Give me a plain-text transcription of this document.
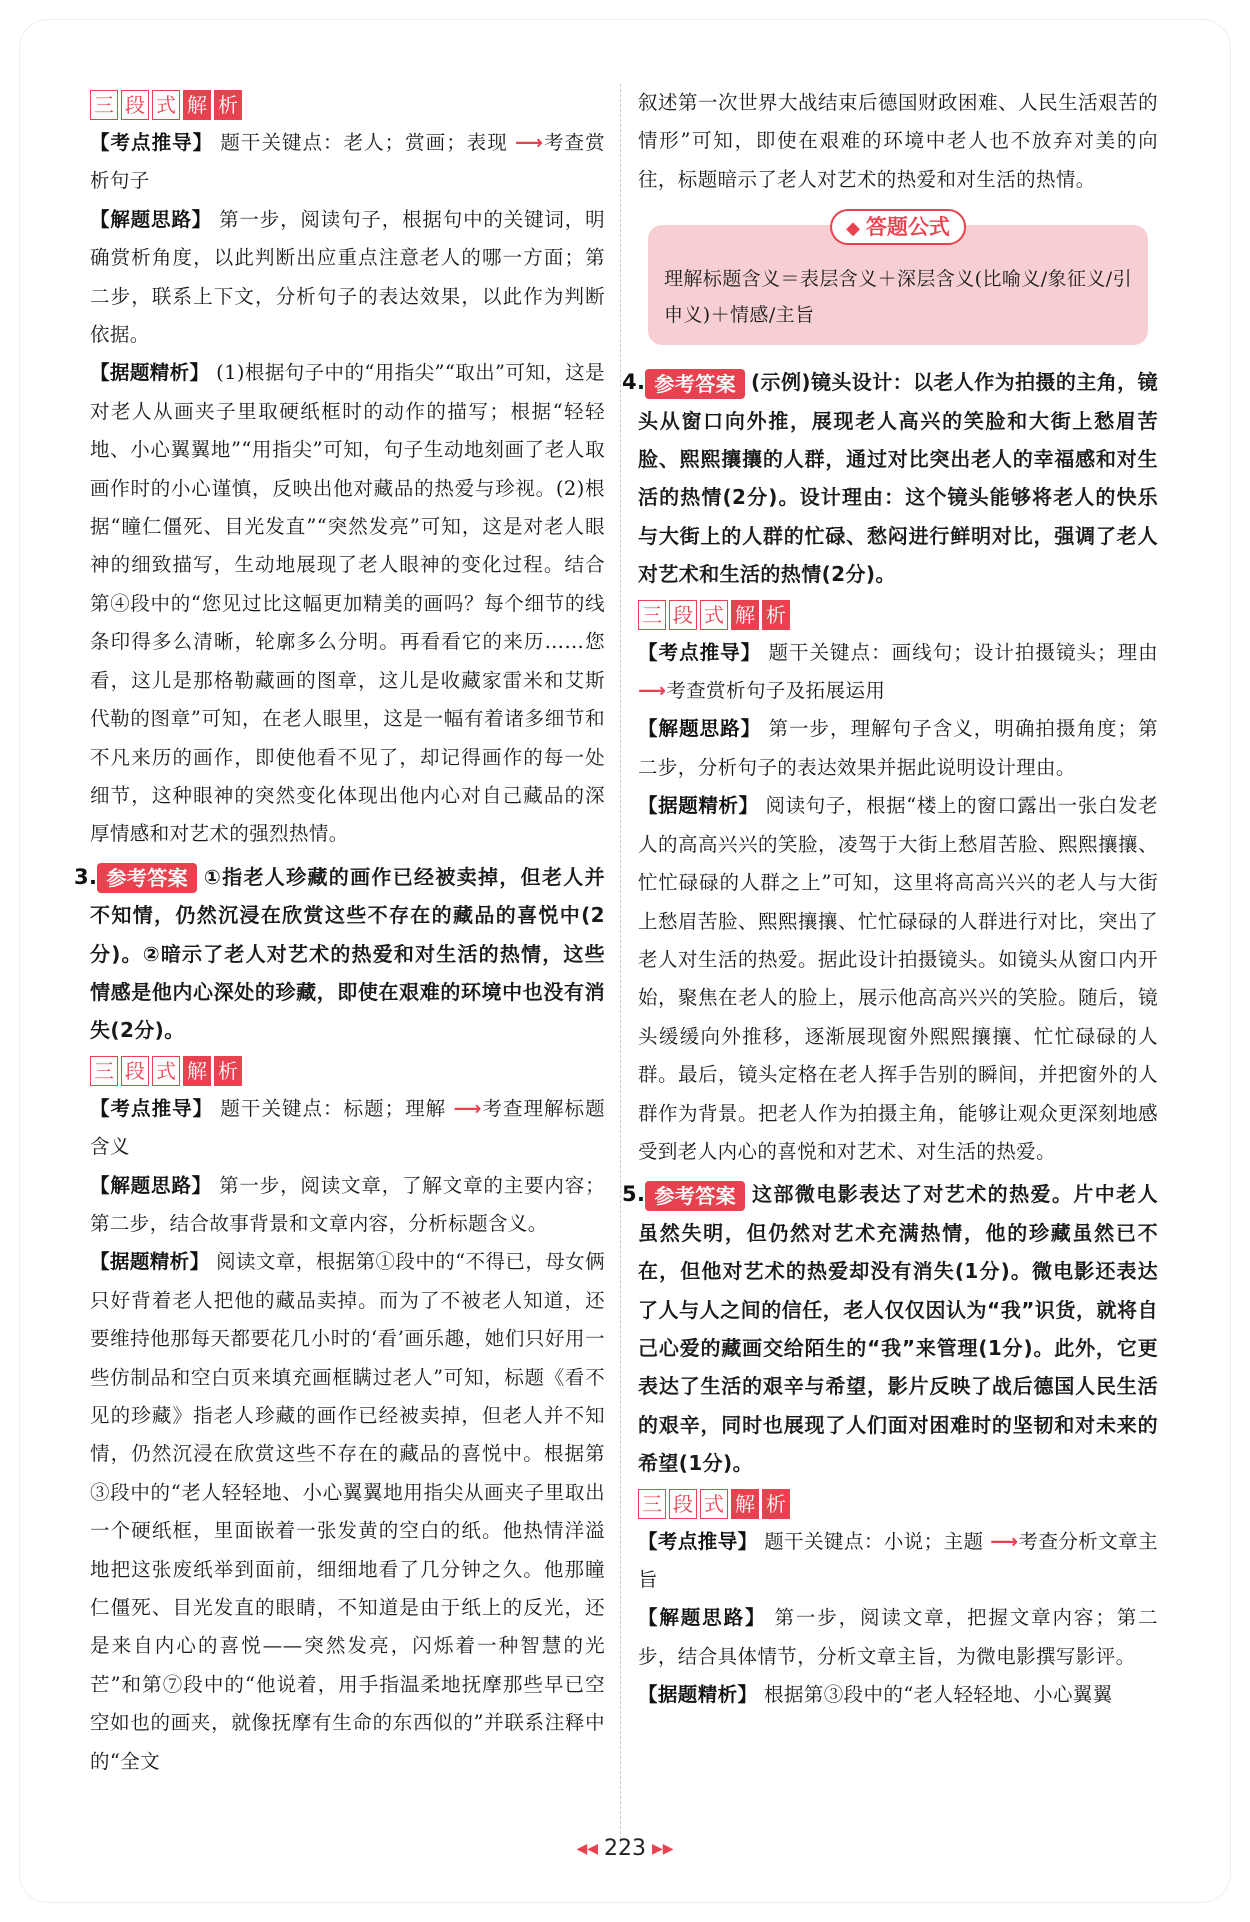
三 段 式 解 析

【考点推导】 题干关键点：老人；赏画；表现 ⟶考查赏析句子

【解题思路】 第一步，阅读句子，根据句中的关键词，明确赏析角度，以此判断出应重点注意老人的哪一方面；第二步，联系上下文，分析句子的表达效果，以此作为判断依据。

【据题精析】 (1)根据句子中的“用指尖”“取出”可知，这是对老人从画夹子里取硬纸框时的动作的描写；根据“轻轻地、小心翼翼地”“用指尖”可知，句子生动地刻画了老人取画作时的小心谨慎，反映出他对藏品的热爱与珍视。(2)根据“瞳仁僵死、目光发直”“突然发亮”可知，这是对老人眼神的细致描写，生动地展现了老人眼神的变化过程。结合第④段中的“您见过比这幅更加精美的画吗？每个细节的线条印得多么清晰，轮廓多么分明。再看看它的来历……您看，这儿是那格勒藏画的图章，这儿是收藏家雷米和艾斯代勒的图章”可知，在老人眼里，这是一幅有着诸多细节和不凡来历的画作，即使他看不见了，却记得画作的每一处细节，这种眼神的突然变化体现出他内心对自己藏品的深厚情感和对艺术的强烈热情。

3. 参考答案 ①指老人珍藏的画作已经被卖掉，但老人并不知情，仍然沉浸在欣赏这些不存在的藏品的喜悦中(2分)。②暗示了老人对艺术的热爱和对生活的热情，这些情感是他内心深处的珍藏，即使在艰难的环境中也没有消失(2分)。

三 段 式 解 析

【考点推导】 题干关键点：标题；理解 ⟶考查理解标题含义

【解题思路】 第一步，阅读文章，了解文章的主要内容；第二步，结合故事背景和文章内容，分析标题含义。

【据题精析】 阅读文章，根据第①段中的“不得已，母女俩只好背着老人把他的藏品卖掉。而为了不被老人知道，还要维持他那每天都要花几小时的‘看’画乐趣，她们只好用一些仿制品和空白页来填充画框瞒过老人”可知，标题《看不见的珍藏》指老人珍藏的画作已经被卖掉，但老人并不知情，仍然沉浸在欣赏这些不存在的藏品的喜悦中。根据第③段中的“老人轻轻地、小心翼翼地用指尖从画夹子里取出一个硬纸框，里面嵌着一张发黄的空白的纸。他热情洋溢地把这张废纸举到面前，细细地看了几分钟之久。他那瞳仁僵死、目光发直的眼睛，不知道是由于纸上的反光，还是来自内心的喜悦——突然发亮，闪烁着一种智慧的光芒”和第⑦段中的“他说着，用手指温柔地抚摩那些早已空空如也的画夹，就像抚摩有生命的东西似的”并联系注释中的“全文

叙述第一次世界大战结束后德国财政困难、人民生活艰苦的情形”可知，即使在艰难的环境中老人也不放弃对美的向往，标题暗示了老人对艺术的热爱和对生活的热情。

◆ 答题公式

理解标题含义＝表层含义＋深层含义(比喻义/象征义/引申义)＋情感/主旨

4. 参考答案 (示例)镜头设计：以老人作为拍摄的主角，镜头从窗口向外推，展现老人高兴的笑脸和大街上愁眉苦脸、熙熙攘攘的人群，通过对比突出老人的幸福感和对生活的热情(2分)。设计理由：这个镜头能够将老人的快乐与大街上的人群的忙碌、愁闷进行鲜明对比，强调了老人对艺术和生活的热情(2分)。

三 段 式 解 析

【考点推导】 题干关键点：画线句；设计拍摄镜头；理由 ⟶考查赏析句子及拓展运用

【解题思路】 第一步，理解句子含义，明确拍摄角度；第二步，分析句子的表达效果并据此说明设计理由。

【据题精析】 阅读句子，根据“楼上的窗口露出一张白发老人的高高兴兴的笑脸，凌驾于大街上愁眉苦脸、熙熙攘攘、忙忙碌碌的人群之上”可知，这里将高高兴兴的老人与大街上愁眉苦脸、熙熙攘攘、忙忙碌碌的人群进行对比，突出了老人对生活的热爱。据此设计拍摄镜头。如镜头从窗口内开始，聚焦在老人的脸上，展示他高高兴兴的笑脸。随后，镜头缓缓向外推移，逐渐展现窗外熙熙攘攘、忙忙碌碌的人群。最后，镜头定格在老人挥手告别的瞬间，并把窗外的人群作为背景。把老人作为拍摄主角，能够让观众更深刻地感受到老人内心的喜悦和对艺术、对生活的热爱。

5. 参考答案 这部微电影表达了对艺术的热爱。片中老人虽然失明，但仍然对艺术充满热情，他的珍藏虽然已不在，但他对艺术的热爱却没有消失(1分)。微电影还表达了人与人之间的信任，老人仅仅因认为“我”识货，就将自己心爱的藏画交给陌生的“我”来管理(1分)。此外，它更表达了生活的艰辛与希望，影片反映了战后德国人民生活的艰辛，同时也展现了人们面对困难时的坚韧和对未来的希望(1分)。

三 段 式 解 析

【考点推导】 题干关键点：小说；主题 ⟶考查分析文章主旨

【解题思路】 第一步，阅读文章，把握文章内容；第二步，结合具体情节，分析文章主旨，为微电影撰写影评。

【据题精析】 根据第③段中的“老人轻轻地、小心翼翼

◀◀ 223 ▶▶
